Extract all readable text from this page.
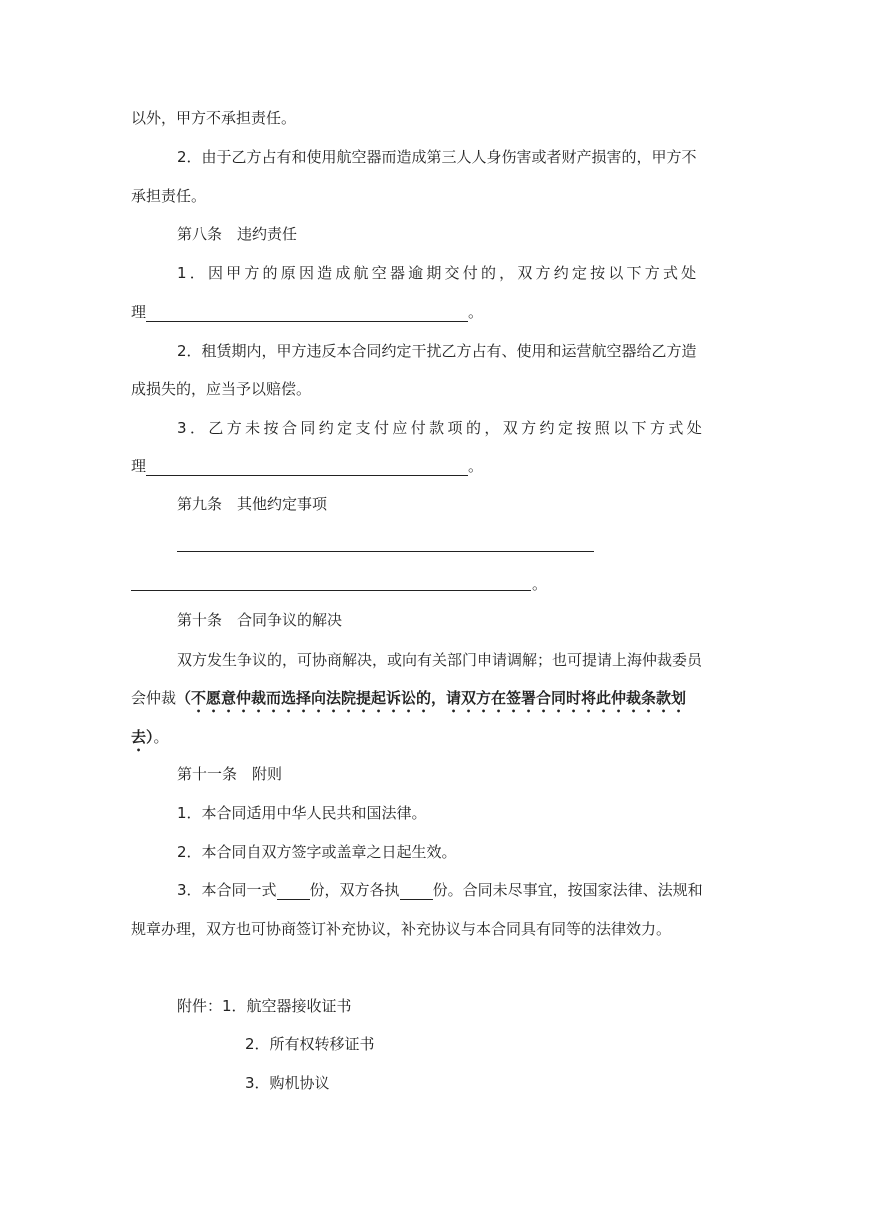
以外，甲方不承担责任。
2．由于乙方占有和使用航空器而造成第三人人身伤害或者财产损害的，甲方不
承担责任。
第八条　违约责任
1．因甲方的原因造成航空器逾期交付的，双方约定按以下方式处
理	。
2．租赁期内，甲方违反本合同约定干扰乙方占有、使用和运营航空器给乙方造
成损失的，应当予以赔偿。
3．乙方未按合同约定支付应付款项的，双方约定按照以下方式处
理	。
第九条　其他约定事项
。
第十条　合同争议的解决
双方发生争议的，可协商解决，或向有关部门申请调解；也可提请上海仲裁委员
会仲裁（不愿意仲裁而选择向法院提起诉讼的，请双方在签署合同时将此仲裁条款划
去）。
第十一条　附则
1．本合同适用中华人民共和国法律。
2．本合同自双方签字或盖章之日起生效。
3．本合同一式 份，双方各执 份。合同未尽事宜，按国家法律、法规和
规章办理，双方也可协商签订补充协议，补充协议与本合同具有同等的法律效力。
附件：1．航空器接收证书
2．所有权转移证书
3．购机协议
